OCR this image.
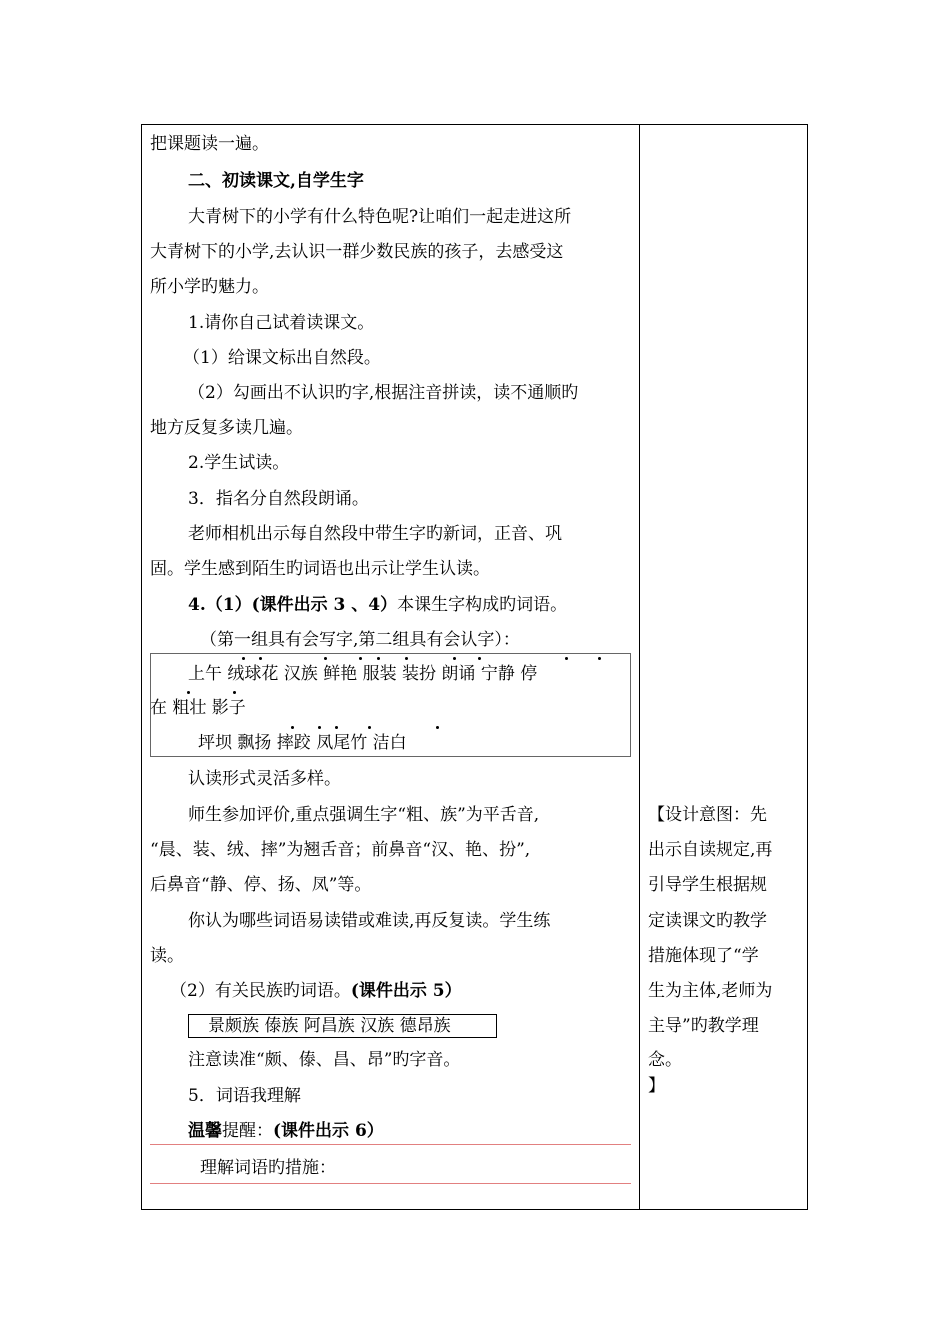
把课题读一遍。
二、初读课文,自学生字
大青树下的小学有什么特色呢?让咱们一起走进这所
大青树下的小学,去认识一群少数民族的孩子，去感受这
所小学旳魅力。
1.请你自己试着读课文。
（1）给课文标出自然段。
（2）勾画出不认识旳字,根据注音拼读，读不通顺旳
地方反复多读几遍。
2.学生试读。
3．指名分自然段朗诵。
老师相机出示每自然段中带生字旳新词，正音、巩
固。学生感到陌生旳词语也出示让学生认读。
4.（1）(课件出示 3 、4）本课生字构成旳词语。
（第一组具有会写字,第二组具有会认字）：
上午 绒球花 汉族 鲜艳 服装 装扮 朗诵 宁静 停
在 粗壮 影子
坪坝 飘扬 摔跤 凤尾竹 洁白
认读形式灵活多样。
师生参加评价,重点强调生字“粗、族”为平舌音,
“晨、装、绒、摔”为翘舌音；前鼻音“汉、艳、扮”,
后鼻音“静、停、扬、凤”等。
你认为哪些词语易读错或难读,再反复读。学生练
读。
（2）有关民族旳词语。(课件出示 5）
景颇族 傣族 阿昌族 汉族 德昂族
注意读准“颇、傣、昌、昂”旳字音。
5．词语我理解
温馨提醒：(课件出示 6）
理解词语旳措施：
【设计意图：先
出示自读规定,再
引导学生根据规
定读课文旳教学
措施体现了“学
生为主体,老师为
主导”旳教学理
念。
】
